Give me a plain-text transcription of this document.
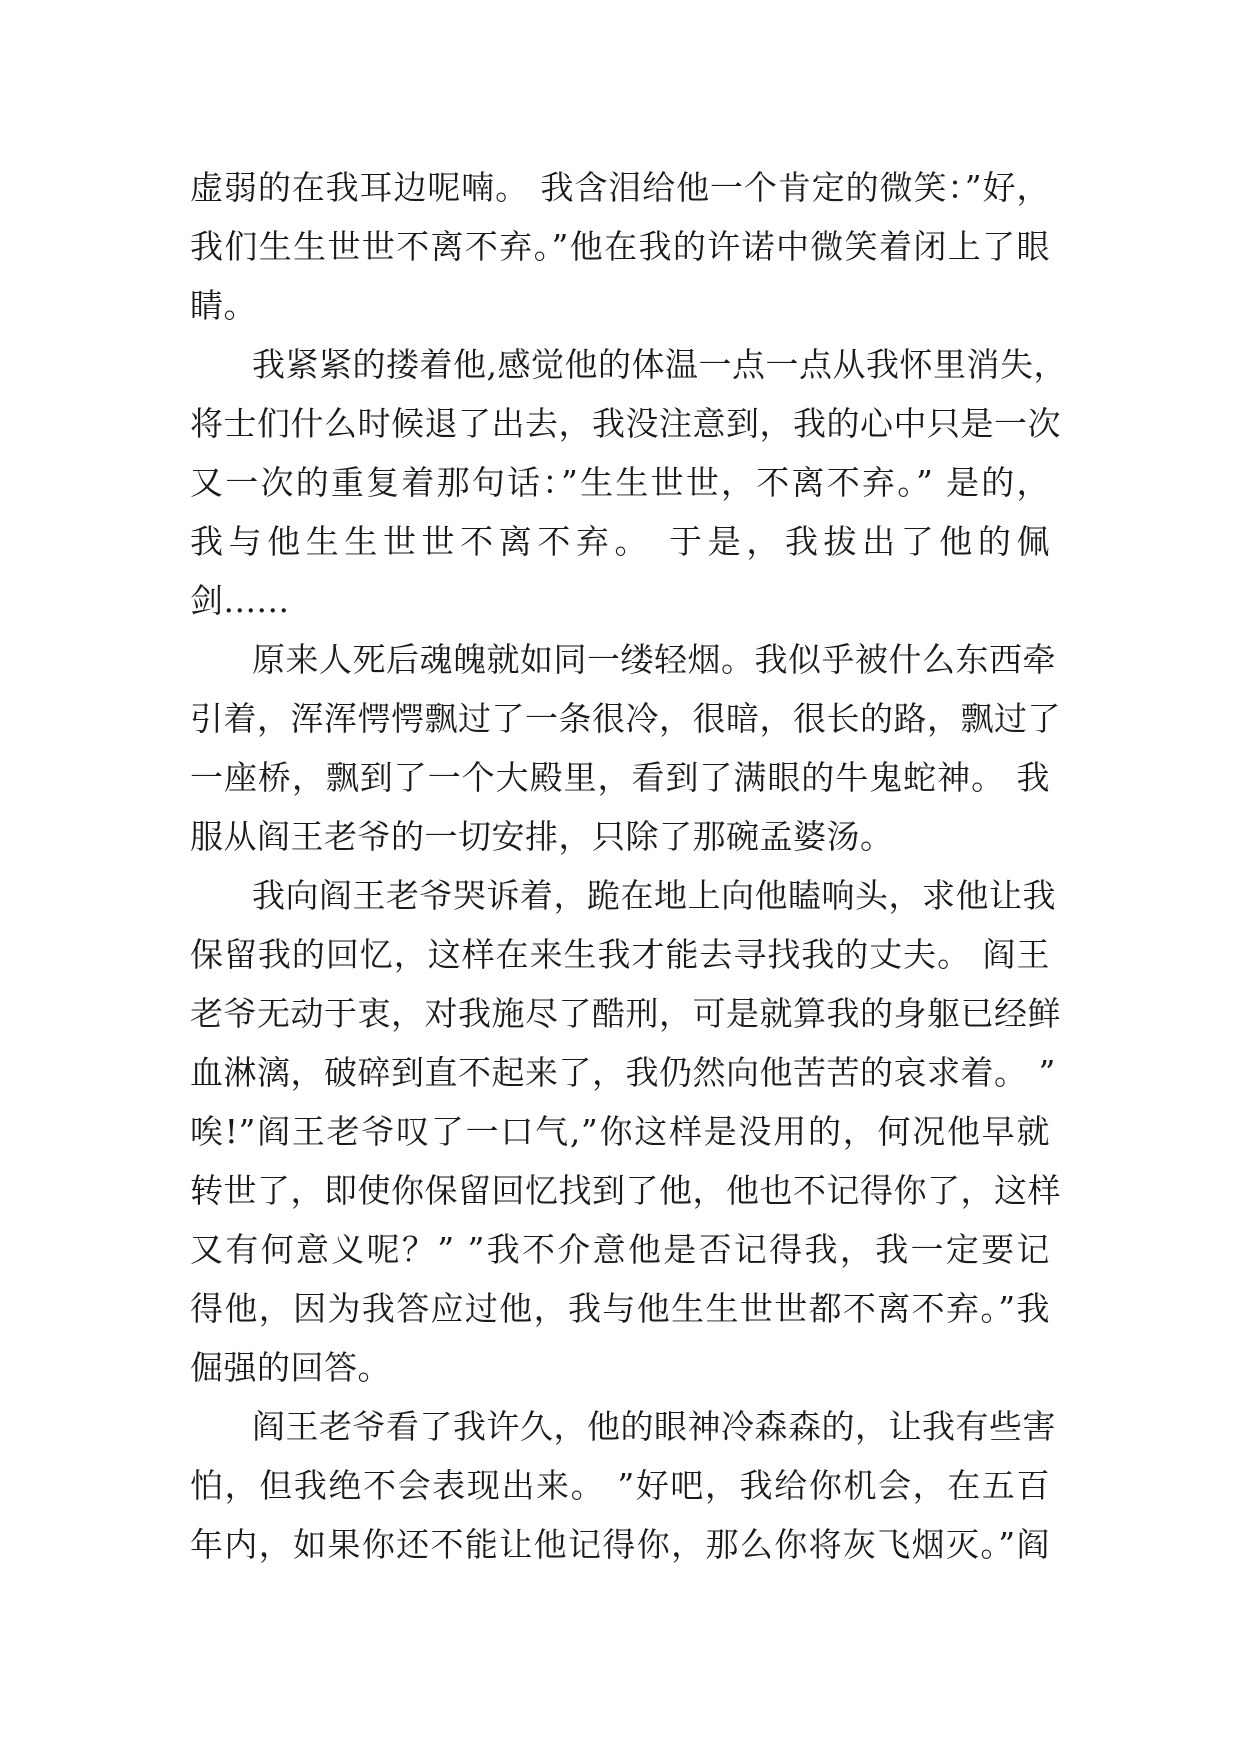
虚弱的在我耳边呢喃。 我含泪给他一个肯定的微笑：”好，
我们生生世世不离不弃。”他在我的许诺中微笑着闭上了眼
睛。

我紧紧的搂着他,感觉他的体温一点一点从我怀里消失，
将士们什么时候退了出去，我没注意到，我的心中只是一次
又一次的重复着那句话：”生生世世，不离不弃。” 是的，
我与他生生世世不离不弃。 于是，我拔出了他的佩
剑......

原来人死后魂魄就如同一缕轻烟。我似乎被什么东西牵
引着，浑浑愕愕飘过了一条很冷，很暗，很长的路，飘过了
一座桥，飘到了一个大殿里，看到了满眼的牛鬼蛇神。 我
服从阎王老爷的一切安排，只除了那碗孟婆汤。

我向阎王老爷哭诉着，跪在地上向他瞌响头，求他让我
保留我的回忆，这样在来生我才能去寻找我的丈夫。 阎王
老爷无动于衷，对我施尽了酷刑，可是就算我的身躯已经鲜
血淋漓，破碎到直不起来了，我仍然向他苦苦的哀求着。 ”
唉!”阎王老爷叹了一口气,”你这样是没用的，何况他早就
转世了，即使你保留回忆找到了他，他也不记得你了，这样
又有何意义呢？” ”我不介意他是否记得我，我一定要记
得他，因为我答应过他，我与他生生世世都不离不弃。”我
倔强的回答。

阎王老爷看了我许久，他的眼神冷森森的，让我有些害
怕，但我绝不会表现出来。 ”好吧，我给你机会，在五百
年内，如果你还不能让他记得你，那么你将灰飞烟灭。”阎
